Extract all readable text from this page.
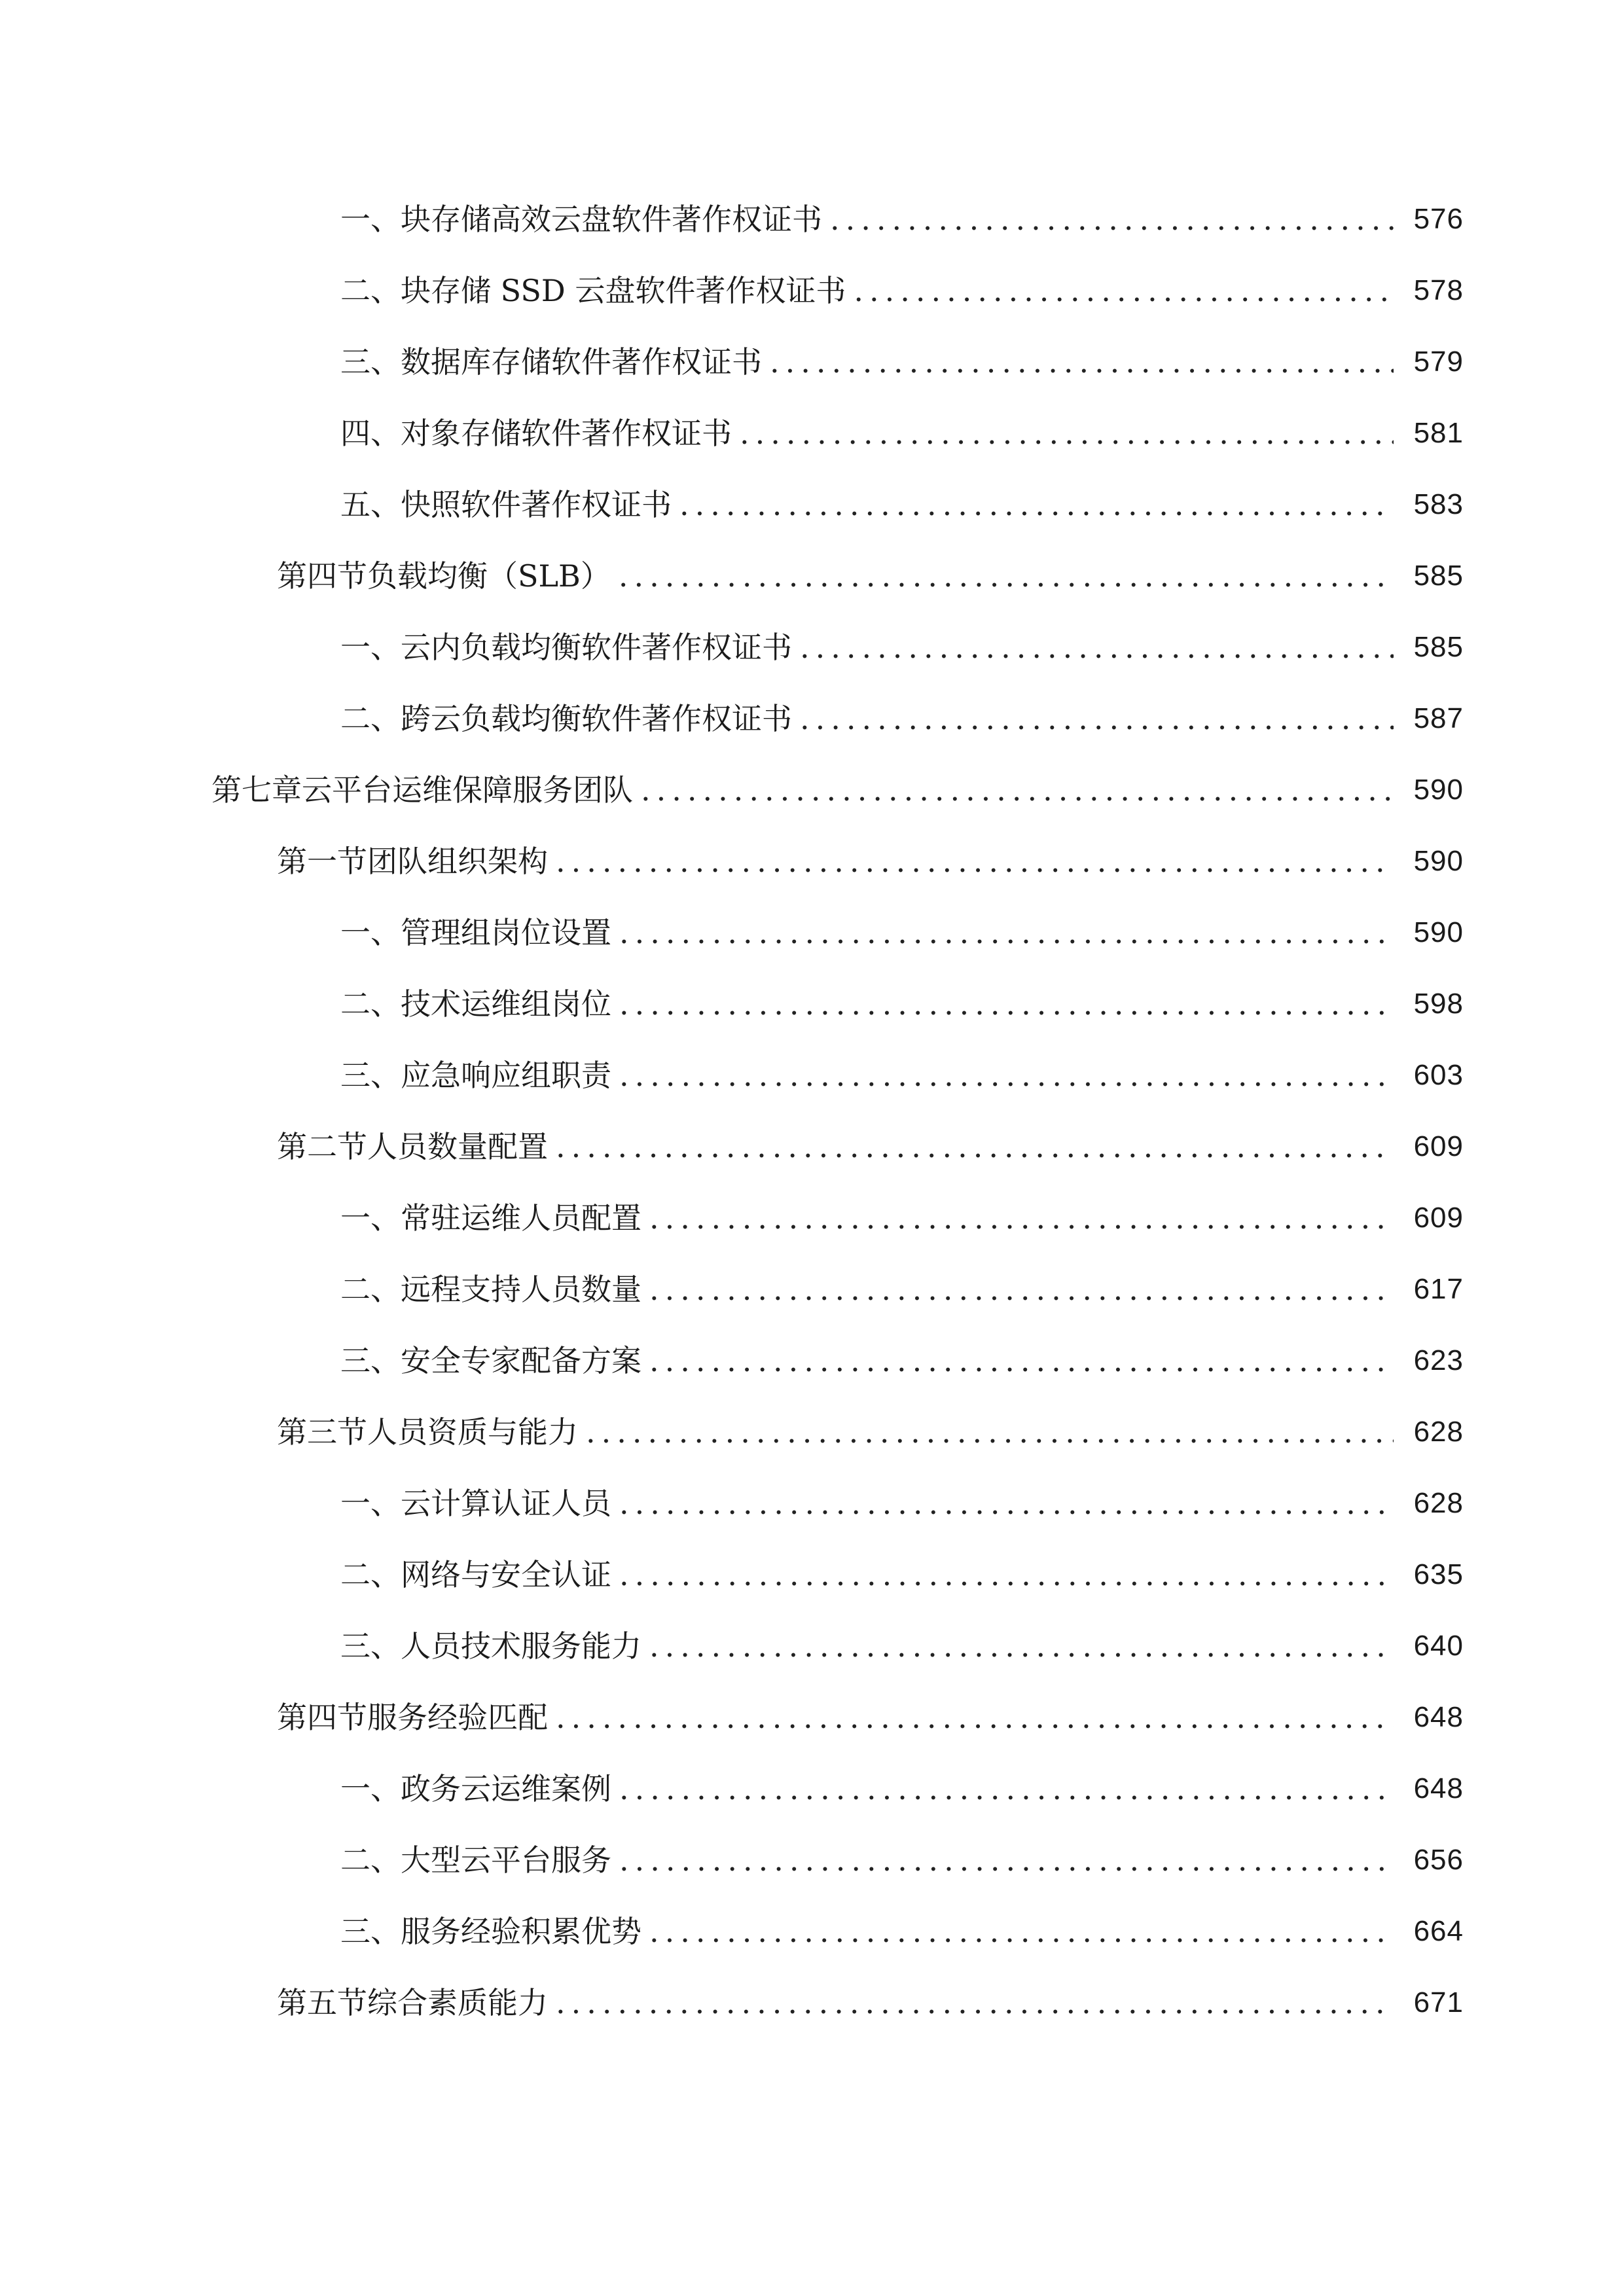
一、 块存储高效云盘软件著作权证书 .....	576
二、 块存储 SSD 云盘软件著作权证书 .....	578
三、 数据库存储软件著作权证书 .....	579
四、 对象存储软件著作权证书 .....	581
五、 快照软件著作权证书 .....	583
第四节 负载均衡（SLB） .....	585
一、 云内负载均衡软件著作权证书 .....	585
二、 跨云负载均衡软件著作权证书 .....	587
第七章 云平台运维保障服务团队 .....	590
第一节 团队组织架构 .....	590
一、 管理组岗位设置 .....	590
二、 技术运维组岗位 .....	598
三、 应急响应组职责 .....	603
第二节 人员数量配置 .....	609
一、 常驻运维人员配置 .....	609
二、 远程支持人员数量 .....	617
三、 安全专家配备方案 .....	623
第三节 人员资质与能力 .....	628
一、 云计算认证人员 .....	628
二、 网络与安全认证 .....	635
三、 人员技术服务能力 .....	640
第四节 服务经验匹配 .....	648
一、 政务云运维案例 .....	648
二、 大型云平台服务 .....	656
三、 服务经验积累优势 .....	664
第五节 综合素质能力 .....	671
